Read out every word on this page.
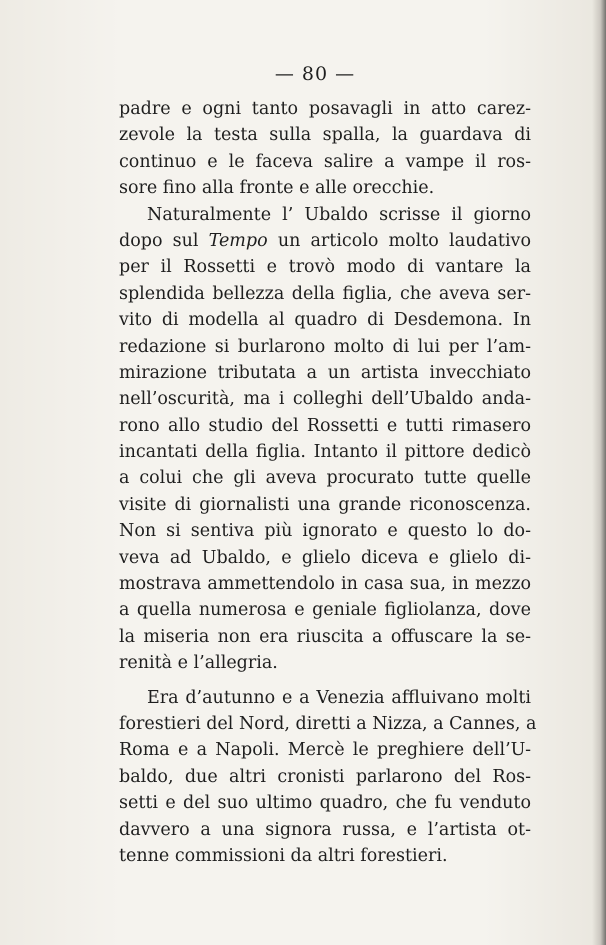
— 80 —
padre e ogni tanto posavagli in atto carez-
zevole la testa sulla spalla, la guardava di
continuo e le faceva salire a vampe il ros-
sore fino alla fronte e alle orecchie.
Naturalmente l’ Ubaldo scrisse il giorno
dopo sul Tempo un articolo molto laudativo
per il Rossetti e trovò modo di vantare la
splendida bellezza della figlia, che aveva ser-
vito di modella al quadro di Desdemona. In
redazione si burlarono molto di lui per l’am-
mirazione tributata a un artista invecchiato
nell’oscurità, ma i colleghi dell’Ubaldo anda-
rono allo studio del Rossetti e tutti rimasero
incantati della figlia. Intanto il pittore dedicò
a colui che gli aveva procurato tutte quelle
visite di giornalisti una grande riconoscenza.
Non si sentiva più ignorato e questo lo do-
veva ad Ubaldo, e glielo diceva e glielo di-
mostrava ammettendolo in casa sua, in mezzo
a quella numerosa e geniale figliolanza, dove
la miseria non era riuscita a offuscare la se-
renità e l’allegria.
Era d’autunno e a Venezia affluivano molti
forestieri del Nord, diretti a Nizza, a Cannes, a
Roma e a Napoli. Mercè le preghiere dell’U-
baldo, due altri cronisti parlarono del Ros-
setti e del suo ultimo quadro, che fu venduto
davvero a una signora russa, e l’artista ot-
tenne commissioni da altri forestieri.
